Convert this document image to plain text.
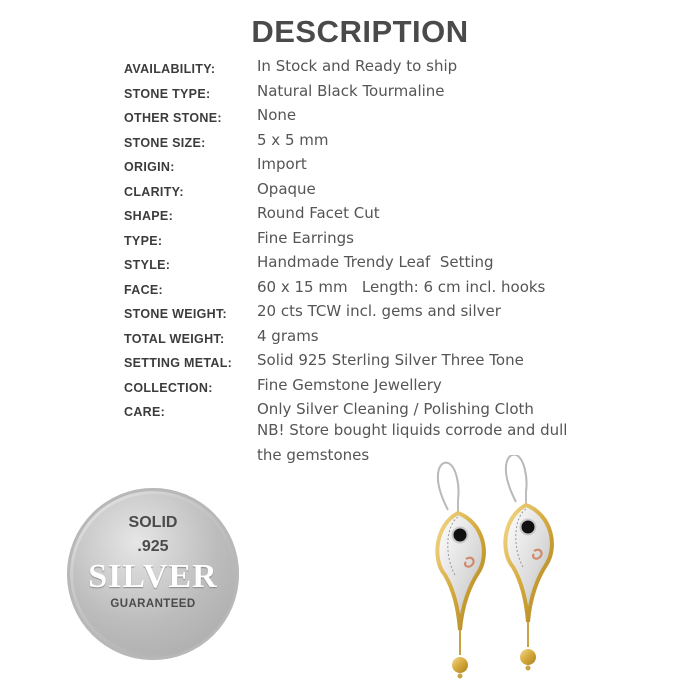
DESCRIPTION
AVAILABILITY:	In Stock and Ready to ship
STONE TYPE:	Natural Black Tourmaline
OTHER STONE: None
STONE SIZE:	5 x 5 mm
ORIGIN:	Import
CLARITY:	Opaque
SHAPE:	Round Facet Cut
TYPE:	Fine Earrings
STYLE:	Handmade Trendy Leaf  Setting
FACE:	60 x 15 mm   Length: 6 cm incl. hooks
STONE WEIGHT: 20 cts TCW incl. gems and silver
TOTAL WEIGHT: 4 grams
SETTING METAL: Solid 925 Sterling Silver Three Tone
COLLECTION:	Fine Gemstone Jewellery
CARE:	Only Silver Cleaning / Polishing Cloth
NB! Store bought liquids corrode and dull
the gemstones
SOLID
.925
SILVER
GUARANTEED
